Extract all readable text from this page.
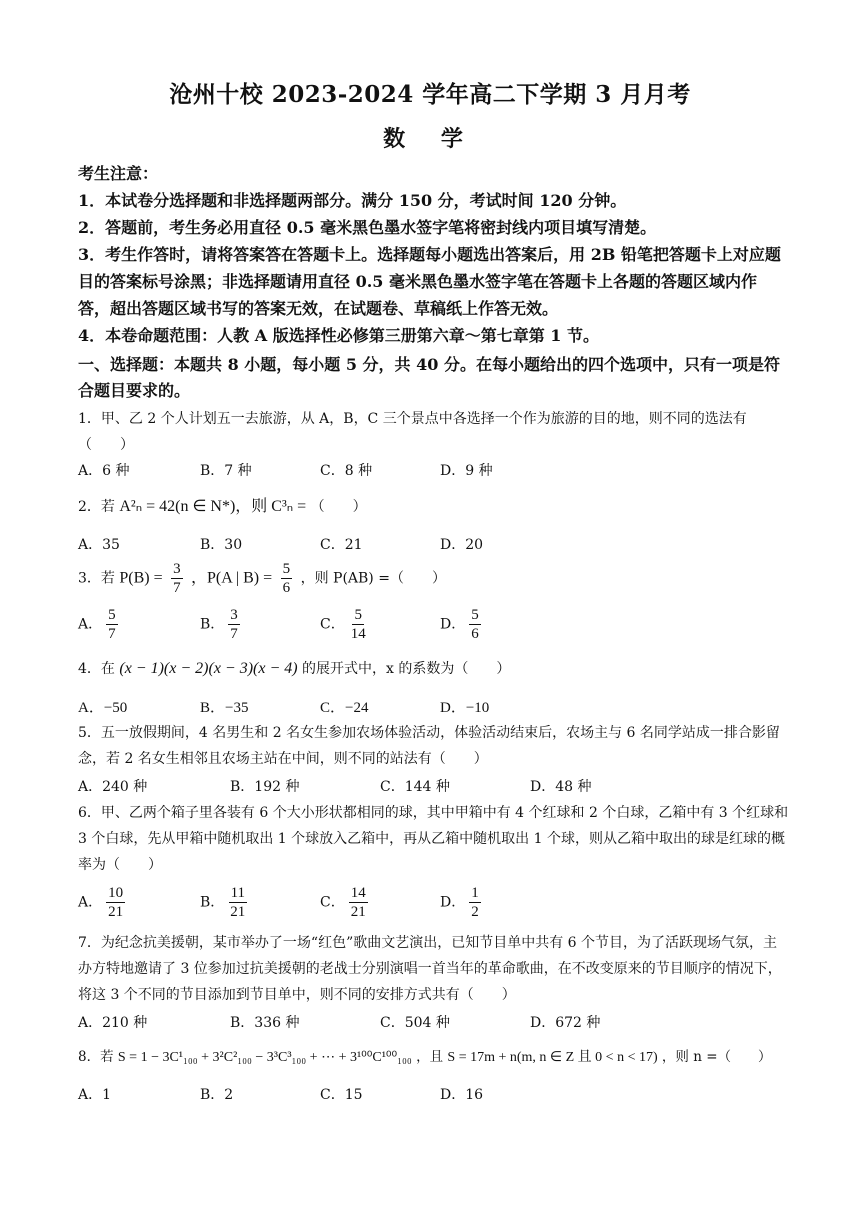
沧州十校 2023-2024 学年高二下学期 3 月月考
数 学

考生注意：

1．本试卷分选择题和非选择题两部分。满分 150 分，考试时间 120 分钟。

2．答题前，考生务必用直径 0.5 毫米黑色墨水签字笔将密封线内项目填写清楚。

3．考生作答时，请将答案答在答题卡上。选择题每小题选出答案后，用 2B 铅笔把答题卡上对应题目的答案标号涂黑；非选择题请用直径 0.5 毫米黑色墨水签字笔在答题卡上各题的答题区域内作答，超出答题区域书写的答案无效，在试题卷、草稿纸上作答无效。

4．本卷命题范围：人教 A 版选择性必修第三册第六章～第七章第 1 节。

一、选择题：本题共 8 小题，每小题 5 分，共 40 分。在每小题给出的四个选项中，只有一项是符合题目要求的。

1．甲、乙 2 个人计划五一去旅游，从 A，B，C 三个景点中各选择一个作为旅游的目的地，则不同的选法有（　　）

A．6 种	B．7 种	C．8 种	D．9 种

2．若 A²ₙ = 42(n ∈ N*)，则 C³ₙ = （　　）

A．35	B．30	C．21	D．20

3．若 $P(B) = \frac{3}{7}$ ，P(A | $B) = \frac{5}{6}$ ，则 P(AB) =（　　）

A． $\frac{5}{7}$	B． $\frac{3}{7}$	C． $\frac{5}{14}$	D． $\frac{5}{6}$

4．在 (x − 1)(x − 2)(x − 3)(x − 4) 的展开式中，x 的系数为（　　）

A．−50	B．−35	C．−24	D．−10

5．五一放假期间，4 名男生和 2 名女生参加农场体验活动，体验活动结束后，农场主与 6 名同学站成一排合影留念，若 2 名女生相邻且农场主站在中间，则不同的站法有（　　）

A．240 种	B．192 种	C．144 种	D．48 种

6．甲、乙两个箱子里各装有 6 个大小形状都相同的球，其中甲箱中有 4 个红球和 2 个白球，乙箱中有 3 个红球和 3 个白球，先从甲箱中随机取出 1 个球放入乙箱中，再从乙箱中随机取出 1 个球，则从乙箱中取出的球是红球的概率为（　　）

A． $\frac{10}{21}$	B． $\frac{11}{21}$	C． $\frac{14}{21}$	D． $\frac{1}{2}$

7．为纪念抗美援朝，某市举办了一场“红色”歌曲文艺演出，已知节目单中共有 6 个节目，为了活跃现场气氛，主办方特地邀请了 3 位参加过抗美援朝的老战士分别演唱一首当年的革命歌曲，在不改变原来的节目顺序的情况下，将这 3 个不同的节目添加到节目单中，则不同的安排方式共有（　　）

A．210 种	B．336 种	C．504 种	D．672 种

8．若 S = 1 − 3C¹₁₀₀ + 3²C²₁₀₀ − 3³C³₁₀₀ + ⋯ + 3¹⁰⁰C¹⁰⁰₁₀₀ ，且 S = 17m + n(m, n ∈ Z 且 0 < n < 17) ，则 n =（　　）

A．1	B．2	C．15	D．16
